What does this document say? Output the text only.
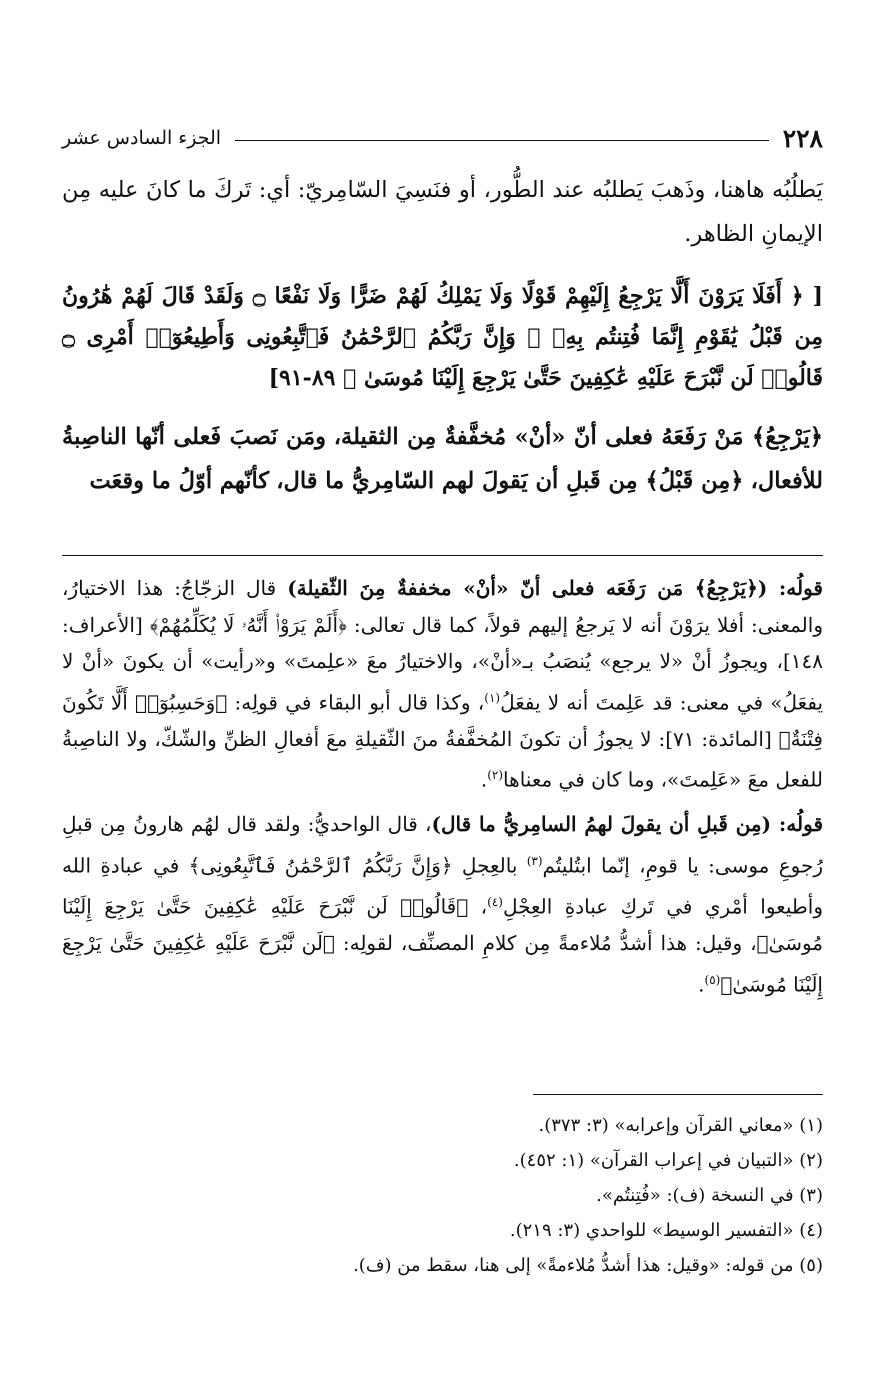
٢٢٨
الجزء السادس عشر

يَطلُبُه هاهنا، وذَهبَ يَطلبُه عند الطُّور، أو فنَسِيَ السّامِريّ: أي: تَركَ ما كانَ عليه مِن الإيمانِ الظاهر.

[ ﴿ أَفَلَا يَرَوْنَ أَلَّا يَرْجِعُ إِلَيْهِمْ قَوْلًا وَلَا يَمْلِكُ لَهُمْ ضَرًّا وَلَا نَفْعًا ۝ وَلَقَدْ قَالَ لَهُمْ هَٰرُونُ مِن قَبْلُ يَٰقَوْمِ إِنَّمَا فُتِنتُم بِهِۦ ۖ وَإِنَّ رَبَّكُمُ ٱلرَّحْمَٰنُ فَٱتَّبِعُونِى وَأَطِيعُوٓا۟ أَمْرِى ۝ قَالُوا۟ لَن نَّبْرَحَ عَلَيْهِ عَٰكِفِينَ حَتَّىٰ يَرْجِعَ إِلَيْنَا مُوسَىٰ ﴾ ٨٩-٩١]

﴿يَرْجِعُ﴾ مَنْ رَفَعَهُ فعلى أنّ «أنْ» مُخفَّفةٌ مِن الثقيلة، ومَن نَصبَ فَعلى أنّها الناصِبةُ للأفعال، ﴿مِن قَبْلُ﴾ مِن قَبلِ أن يَقولَ لهم السّامِريُّ ما قال، كأنّهم أوّلُ ما وقعَت

قولُه: (﴿يَرْجِعُ﴾ مَن رَفَعَه فعلى أنّ «أنْ» مخففةٌ مِنَ الثّقيلة) قال الزجّاجُ: هذا الاختيارُ، والمعنى: أفلا يرَوْنَ أنه لا يَرجعُ إليهم قولاً، كما قال تعالى: ﴿أَلَمْ يَرَوْا۟ أَنَّهُۥ لَا يُكَلِّمُهُمْ﴾ [الأعراف: ١٤٨]، ويجوزُ أنْ «لا يرجع» يُنصَبُ بـ«أنْ»، والاختيارُ معَ «علِمتَ» و«رأيت» أن يكونَ «أنْ لا يفعَلُ» في معنى: قد عَلِمتَ أنه لا يفعَلُ$^{(١)}$، وكذا قال أبو البقاء في قولِه: ﴿وَحَسِبُوٓا۟ أَلَّا تَكُونَ فِتْنَةٌ﴾ [المائدة: ٧١]: لا يجوزُ أن تكونَ المُخفَّفةُ منَ الثّقيلةِ معَ أفعالِ الظنِّ والشّكّ، ولا الناصِبةُ للفعل معَ «عَلِمتَ»، وما كان في معناها$^{(٢)}$.

قولُه: (مِن قَبلِ أن يقولَ لهمُ السامِريُّ ما قال)، قال الواحديُّ: ولقد قال لهُم هارونُ مِن قبلِ رُجوعِ موسى: يا قومِ، إنّما ابتُليتُم$^{(٣)}$ بالعِجلِ ﴿وَإِنَّ رَبَّكُمُ ٱلرَّحْمَٰنُ فَٱتَّبِعُونِى﴾ في عبادةِ الله وأطيعوا أمْري في تَركِ عبادةِ العِجْلِ$^{(٤)}$، ﴿قَالُوا۟ لَن نَّبْرَحَ عَلَيْهِ عَٰكِفِينَ حَتَّىٰ يَرْجِعَ إِلَيْنَا مُوسَىٰ﴾، وقيل: هذا أشدُّ مُلاءمةً مِن كلامِ المصنِّف، لقولِه: ﴿لَن نَّبْرَحَ عَلَيْهِ عَٰكِفِينَ حَتَّىٰ يَرْجِعَ إِلَيْنَا مُوسَىٰ﴾$^{(٥)}$.

(١) «معاني القرآن وإعرابه» (٣: ٣٧٣).

(٢) «التبيان في إعراب القرآن» (١: ٤٥٢).

(٣) في النسخة (ف): «فُتِنتُم».

(٤) «التفسير الوسيط» للواحدي (٣: ٢١٩).

(٥) من قوله: «وقيل: هذا أشدُّ مُلاءمةً» إلى هنا، سقط من (ف).
